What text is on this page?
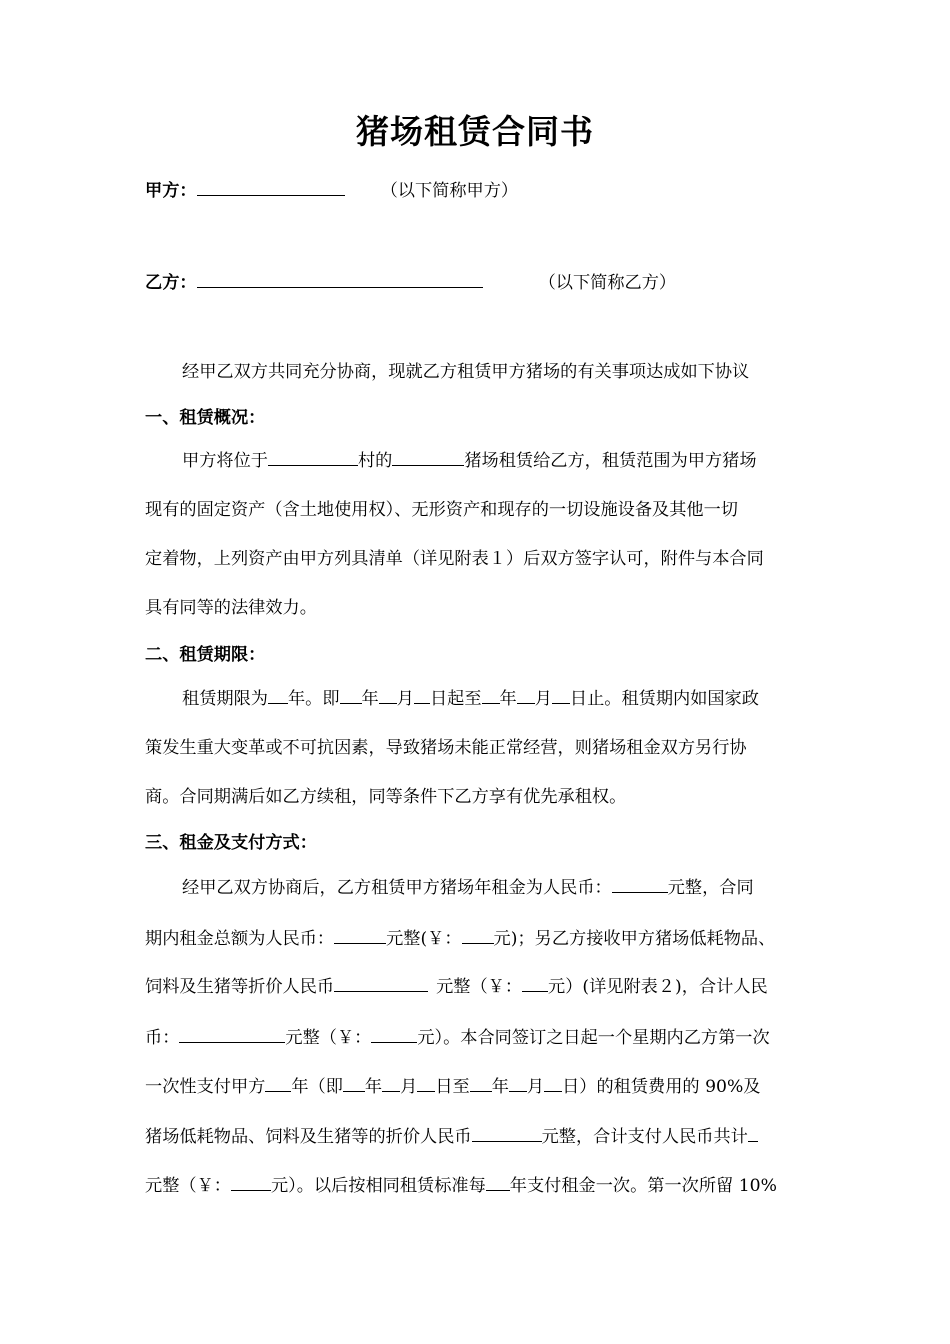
猪场租赁合同书
甲方：	（以下简称甲方）
乙方：	（以下简称乙方）
经甲乙双方共同充分协商，现就乙方租赁甲方猪场的有关事项达成如下协议
一、租赁概况：
甲方将位于	村的	猪场租赁给乙方，租赁范围为甲方猪场
现有的固定资产（含土地使用权）、无形资产和现存的一切设施设备及其他一切
定着物，上列资产由甲方列具清单（详见附表１）后双方签字认可，附件与本合同
具有同等的法律效力。
二、租赁期限：
租赁期限为 年。即 年 月 日起至 年 月 日止。租赁期内如国家政
策发生重大变革或不可抗因素，导致猪场未能正常经营，则猪场租金双方另行协
商。合同期满后如乙方续租，同等条件下乙方享有优先承租权。
三、租金及支付方式：
经甲乙双方协商后，乙方租赁甲方猪场年租金为人民币：	元整，合同
期内租金总额为人民币：	元整(￥： 元)；另乙方接收甲方猪场低耗物品、
饲料及生猪等折价人民币	元整（￥： 元）(详见附表２)，合计人民
币：	元整（￥：	元）。本合同签订之日起一个星期内乙方第一次
一次性支付甲方 年（即 年 月 日至 年 月 日）的租赁费用的 90%及
猪场低耗物品、饲料及生猪等的折价人民币	元整，合计支付人民币共计
元整（￥： 元）。以后按相同租赁标准每 年支付租金一次。第一次所留 10%
